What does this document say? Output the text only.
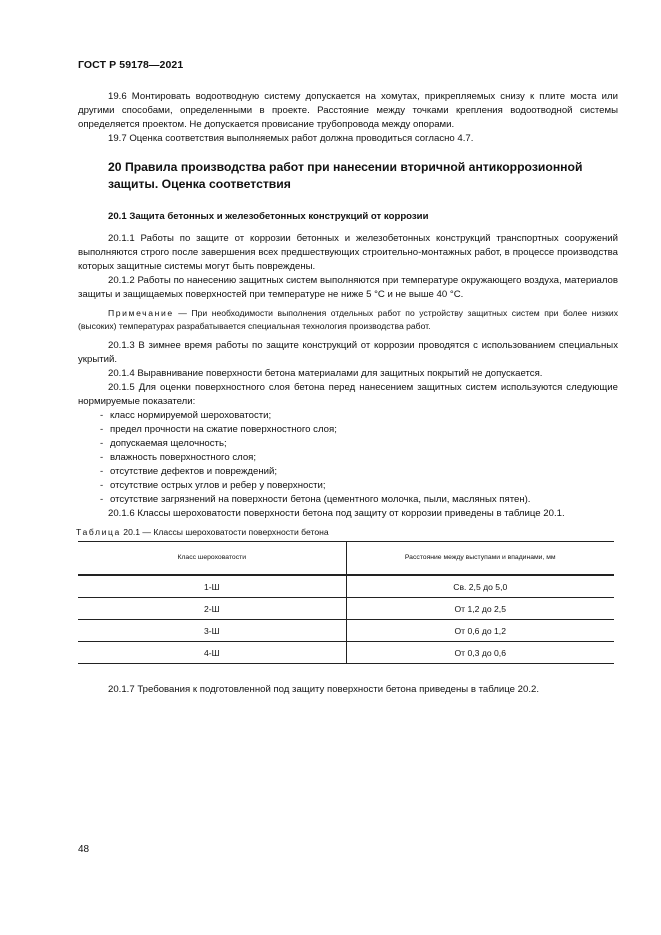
ГОСТ Р 59178—2021

19.6 Монтировать водоотводную систему допускается на хомутах, прикрепляемых снизу к плите моста или другими способами, определенными в проекте. Расстояние между точками крепления водоотводной системы определяется проектом. Не допускается провисание трубопровода между опорами.

19.7 Оценка соответствия выполняемых работ должна проводиться согласно 4.7.

20 Правила производства работ при нанесении вторичной антикоррозионной защиты. Оценка соответствия
20.1 Защита бетонных и железобетонных конструкций от коррозии

20.1.1 Работы по защите от коррозии бетонных и железобетонных конструкций транспортных сооружений выполняются строго после завершения всех предшествующих строительно-монтажных работ, в процессе производства которых защитные системы могут быть повреждены.

20.1.2 Работы по нанесению защитных систем выполняются при температуре окружающего воздуха, материалов защиты и защищаемых поверхностей при температуре не ниже 5 °С и не выше 40 °С.

Примечание — При необходимости выполнения отдельных работ по устройству защитных систем при более низких (высоких) температурах разрабатывается специальная технология производства работ.

20.1.3 В зимнее время работы по защите конструкций от коррозии проводятся с использованием специальных укрытий.

20.1.4 Выравнивание поверхности бетона материалами для защитных покрытий не допускается.

20.1.5 Для оценки поверхностного слоя бетона перед нанесением защитных систем используются следующие нормируемые показатели:

- класс нормируемой шероховатости;
- предел прочности на сжатие поверхностного слоя;
- допускаемая щелочность;
- влажность поверхностного слоя;
- отсутствие дефектов и повреждений;
- отсутствие острых углов и ребер у поверхности;
- отсутствие загрязнений на поверхности бетона (цементного молочка, пыли, масляных пятен).

20.1.6 Классы шероховатости поверхности бетона под защиту от коррозии приведены в таблице 20.1.

Таблица 20.1 — Классы шероховатости поверхности бетона
Класс шероховатости	Расстояние между выступами и впадинами, мм
1-Ш	Св. 2,5 до 5,0
2-Ш	От 1,2 до 2,5
3-Ш	От 0,6 до 1,2
4-Ш	От 0,3 до 0,6

20.1.7 Требования к подготовленной под защиту поверхности бетона приведены в таблице 20.2.

48
